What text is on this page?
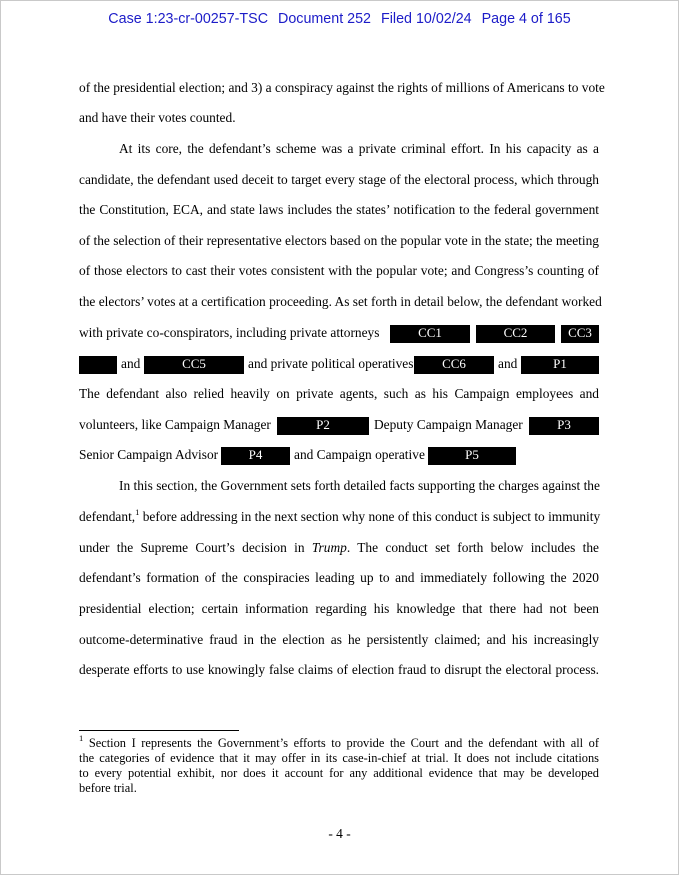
Case 1:23-cr-00257-TSC Document 252 Filed 10/02/24 Page 4 of 165
of the presidential election; and 3) a conspiracy against the rights of millions of Americans to vote
and have their votes counted.
At its core, the defendant’s scheme was a private criminal effort. In his capacity as a
candidate, the defendant used deceit to target every stage of the electoral process, which through
the Constitution, ECA, and state laws includes the states’ notification to the federal government
of the selection of their representative electors based on the popular vote in the state; the meeting
of those electors to cast their votes consistent with the popular vote; and Congress’s counting of
the electors’ votes at a certification proceeding. As set forth in detail below, the defendant worked
with private co-conspirators, including private attorneys	CC1	CC2	CC3
and	CC5	and private political operatives	CC6	and	P1
The defendant also relied heavily on private agents, such as his Campaign employees and
volunteers, like Campaign Manager	P2	Deputy Campaign Manager	P3
Senior Campaign Advisor	P4	and Campaign operative	P5
In this section, the Government sets forth detailed facts supporting the charges against the
defendant,$^1$ before addressing in the next section why none of this conduct is subject to immunity
under the Supreme Court’s decision in Trump. The conduct set forth below includes the
defendant’s formation of the conspiracies leading up to and immediately following the 2020
presidential election; certain information regarding his knowledge that there had not been
outcome-determinative fraud in the election as he persistently claimed; and his increasingly
desperate efforts to use knowingly false claims of election fraud to disrupt the electoral process.
$^1$ Section I represents the Government’s efforts to provide the Court and the defendant with all of
the categories of evidence that it may offer in its case-in-chief at trial. It does not include citations
to every potential exhibit, nor does it account for any additional evidence that may be developed
before trial.
- 4 -
